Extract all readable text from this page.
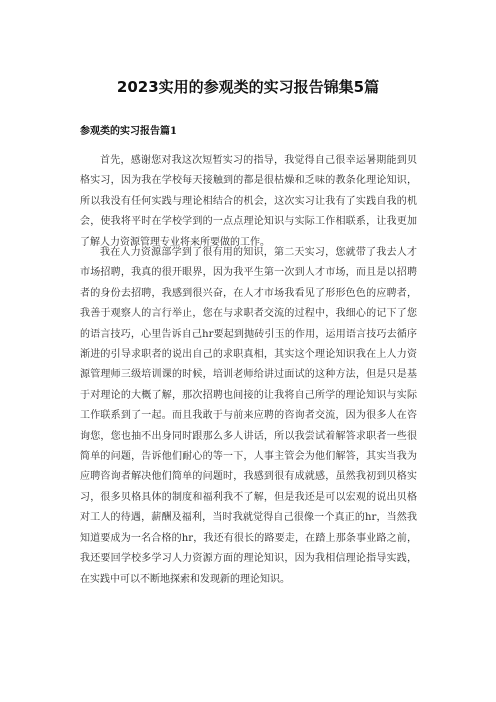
2023实用的参观类的实习报告锦集5篇
参观类的实习报告篇1

首先，感谢您对我这次短暂实习的指导，我觉得自己很幸运暑期能到贝格实习，因为我在学校每天接触到的都是很枯燥和乏味的教条化理论知识，所以我没有任何实践与理论相结合的机会，这次实习让我有了实践自我的机会，使我将平时在学校学到的一点点理论知识与实际工作相联系，让我更加了解人力资源管理专业将来所要做的工作。

我在人力资源部学到了很有用的知识，第二天实习，您就带了我去人才市场招聘，我真的很开眼界，因为我平生第一次到人才市场，而且是以招聘者的身份去招聘，我感到很兴奋，在人才市场我看见了形形色色的应聘者，我善于观察人的言行举止，您在与求职者交流的过程中，我细心的记下了您的语言技巧，心里告诉自己hr要起到抛砖引玉的作用，运用语言技巧去循序渐进的引导求职者的说出自己的求职真相，其实这个理论知识我在上人力资源管理师三级培训课的时候，培训老师给讲过面试的这种方法，但是只是基于对理论的大概了解，那次招聘也间接的让我将自己所学的理论知识与实际工作联系到了一起。而且我敢于与前来应聘的咨询者交流，因为很多人在咨询您，您也抽不出身同时跟那么多人讲话，所以我尝试着解答求职者一些很简单的问题，告诉他们耐心的等一下，人事主管会为他们解答，其实当我为应聘咨询者解决他们简单的问题时，我感到很有成就感，虽然我初到贝格实习，很多贝格具体的制度和福利我不了解，但是我还是可以宏观的说出贝格对工人的待遇，薪酬及福利，当时我就觉得自己很像一个真正的hr，当然我知道要成为一名合格的hr，我还有很长的路要走，在踏上那条事业路之前，我还要回学校多学习人力资源方面的理论知识，因为我相信理论指导实践，在实践中可以不断地探索和发现新的理论知识。
